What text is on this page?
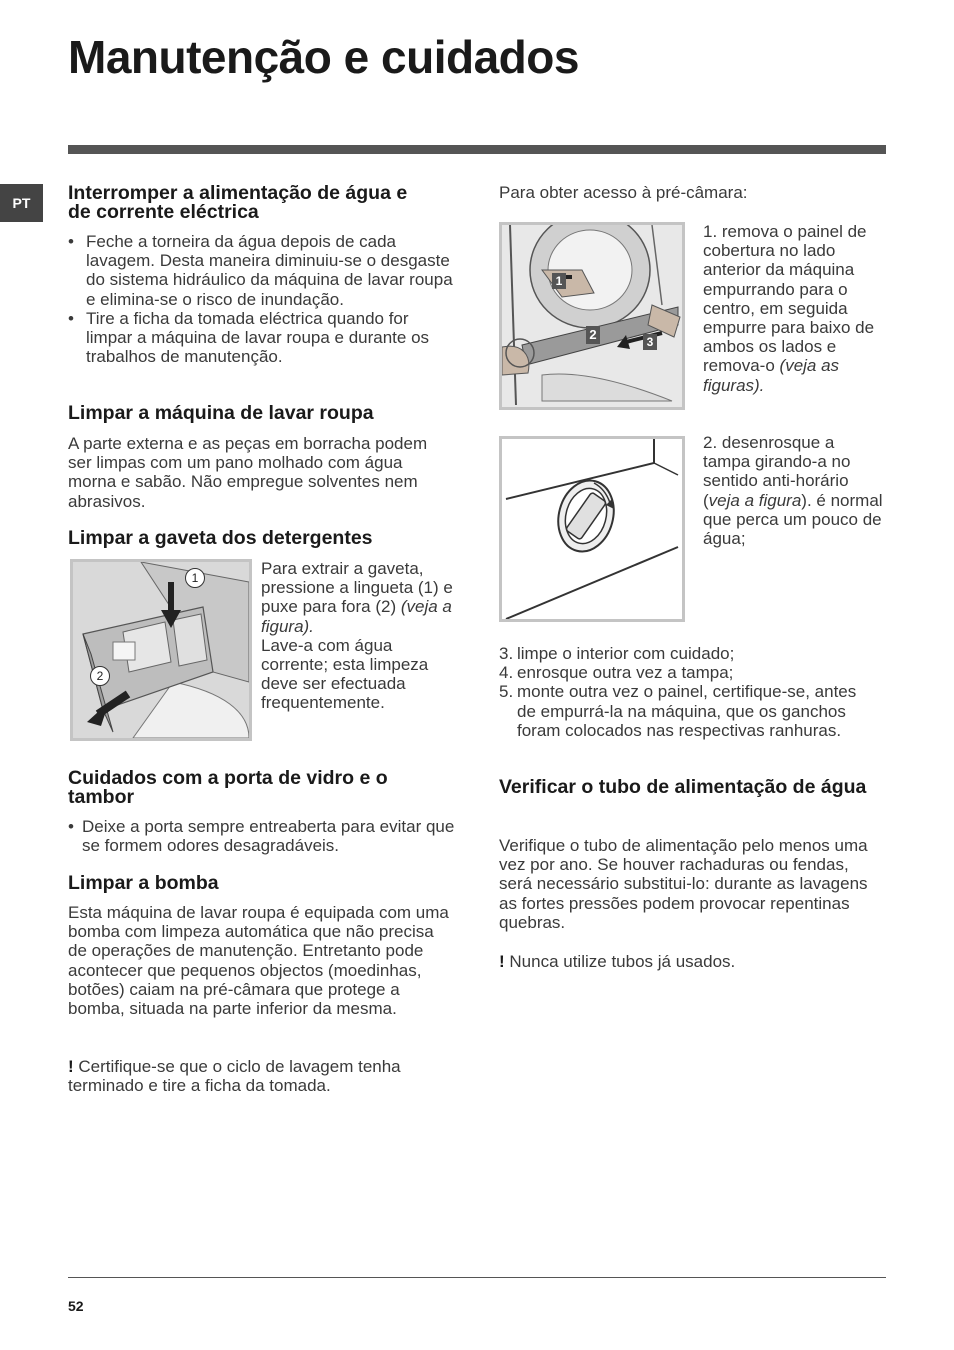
Manutenção e cuidados
PT	Interromper a alimentação de água e de corrente eléctrica
• Feche a torneira da água depois de cada lavagem. Desta maneira diminuiu-se o desgaste do sistema hidráulico da máquina de lavar roupa e elimina-se o risco de inundação.
• Tire a ficha da tomada eléctrica quando for limpar a máquina de lavar roupa e durante os trabalhos de manutenção.
Limpar a máquina de lavar roupa

A parte externa e as peças em borracha podem ser limpas com um pano molhado com água morna e sabão. Não empregue solventes nem abrasivos.

Limpar a gaveta dos detergentes
1
2

Para extrair a gaveta, pressione a lingueta (1) e puxe para fora (2) (veja a figura).
Lave-a com água corrente; esta limpeza deve ser efectuada frequentemente.

Cuidados com a porta de vidro e o tambor
• Deixe a porta sempre entreaberta para evitar que se formem odores desagradáveis.
Limpar a bomba

Esta máquina de lavar roupa é equipada com uma bomba com limpeza automática que não precisa de operações de manutenção. Entretanto pode acontecer que pequenos objectos (moedinhas, botões) caiam na pré-câmara que protege a bomba, situada na parte inferior da mesma.

! Certifique-se que o ciclo de lavagem tenha terminado e tire a ficha da tomada.

Para obter acesso à pré-câmara:

1
2	3

1. remova o painel de cobertura no lado anterior da máquina empurrando para o centro, em seguida empurre para baixo de ambos os lados e remova-o (veja as figuras).

2. desenrosque a tampa girando-a no sentido anti-horário (veja a figura). é normal que perca um pouco de água;

3. limpe o interior com cuidado;
4. enrosque outra vez a tampa;
5. monte outra vez o painel, certifique-se, antes de empurrá-la na máquina, que os ganchos foram colocados nas respectivas ranhuras.
Verificar o tubo de alimentação de água

Verifique o tubo de alimentação pelo menos uma vez por ano. Se houver rachaduras ou fendas, será necessário substitui-lo: durante as lavagens as fortes pressões podem provocar repentinas quebras.

! Nunca utilize tubos já usados.

52
